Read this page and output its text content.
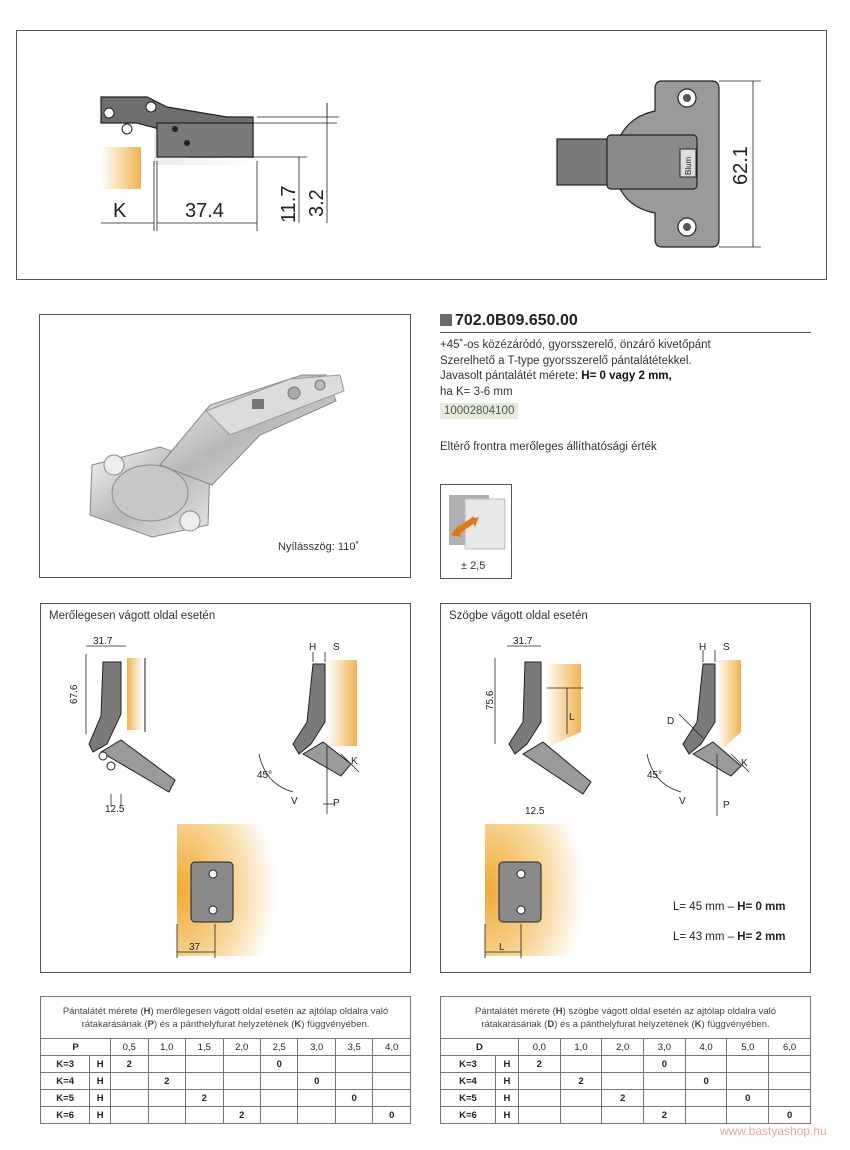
K	37.4	11.7 3.2
Blum 62.1
Nyílásszög: 110˚
702.0B09.650.00
+45˚-os közézáródó, gyorsszerelő, önzáró kivetőpánt
Szerelhető a T-type gyorsszerelő pántalátétekkel.
Javasolt pántalátét mérete: H= 0 vagy 2 mm,
ha K= 3-6 mm
10002804100
Eltérő frontra merőleges állíthatósági érték
± 2,5
Merőlegesen vágott oldal esetén
31.7
67.6
12.5
H S
45°
K
V	P
37
Szögbe vágott oldal esetén
31.7
75.6
L
12.5
H S
D
45°
K
V	P
L
L= 45 mm – H= 0 mm
L= 43 mm – H= 2 mm
Pántalátét mérete (H) merőlegesen vágott oldal esetén az ajtólap oldalra való rátakarásának (P) és a pánthelyfurat helyzetének (K) függvényében.									
P		0,5	1,0	1,5	2,0	2,5	3,0	3,5	4,0
K=3	H	2				0			
K=4	H		2				0		
K=5	H			2				0	
K=6	H				2				0
Pántalátét mérete (H) szögbe vágott oldal esetén az ajtólap oldalra való rátakarásának (D) és a pánthelyfurat helyzetének (K) függvényében.								
D		0,0	1,0	2,0	3,0	4,0	5,0	6,0
K=3	H	2			0			
K=4	H		2			0		
K=5	H			2			0	
K=6	H				2			0
www.bastyashop.hu
